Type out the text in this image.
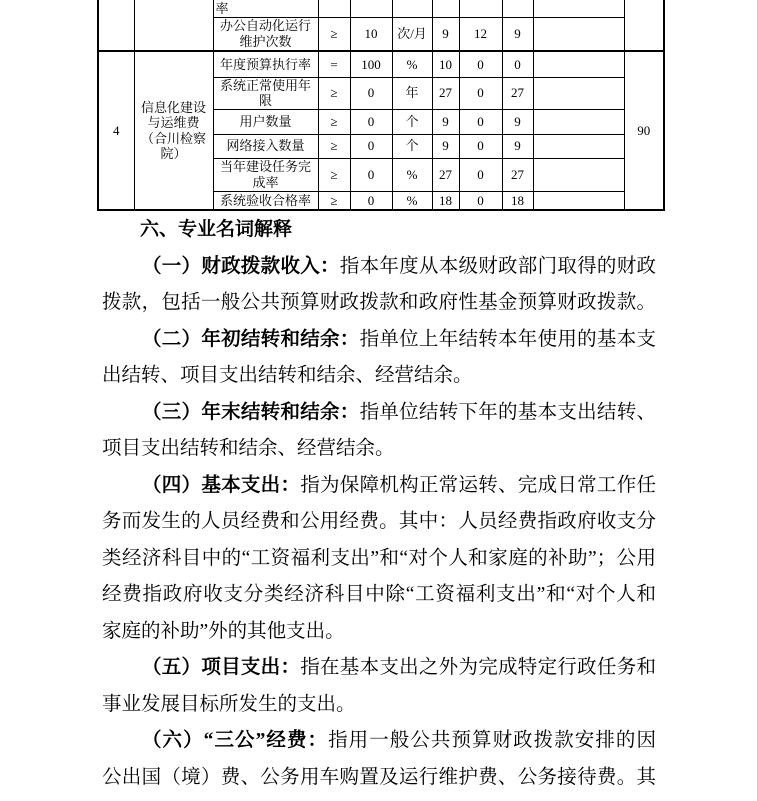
		率								
		办公自动化运行维护次数	≥	10	次/月	9	12	9		
4	信息化建设与运维费（合川检察院）	年度预算执行率	=	100	%	10	0	0		90
		系统正常使用年限	≥	0	年	27	0	27		
		用户数量	≥	0	个	9	0	9		
		网络接入数量	≥	0	个	9	0	9		
		当年建设任务完成率	≥	0	%	27	0	27		
		系统验收合格率	≥	0	%	18	0	18		
六、专业名词解释
（一）财政拨款收入：指本年度从本级财政部门取得的财政
拨款，包括一般公共预算财政拨款和政府性基金预算财政拨款。
（二）年初结转和结余：指单位上年结转本年使用的基本支
出结转、项目支出结转和结余、经营结余。
（三）年末结转和结余：指单位结转下年的基本支出结转、
项目支出结转和结余、经营结余。
（四）基本支出：指为保障机构正常运转、完成日常工作任
务而发生的人员经费和公用经费。其中：人员经费指政府收支分
类经济科目中的“工资福利支出”和“对个人和家庭的补助”；公用
经费指政府收支分类经济科目中除“工资福利支出”和“对个人和
家庭的补助”外的其他支出。
（五）项目支出：指在基本支出之外为完成特定行政任务和
事业发展目标所发生的支出。
（六）“三公”经费：指用一般公共预算财政拨款安排的因
公出国（境）费、公务用车购置及运行维护费、公务接待费。其
